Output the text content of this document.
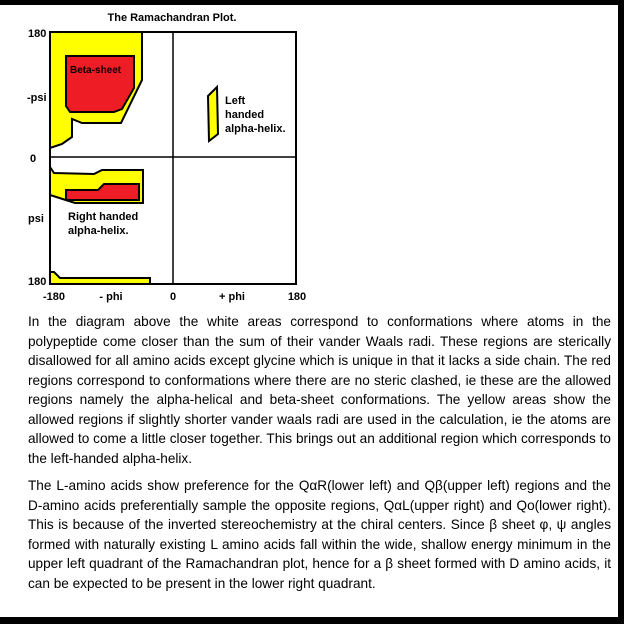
The Ramachandran Plot.
Beta-sheet
Left handed alpha-helix.
Right handed alpha-helix.
180
-psi
0
psi
180
-180	- phi	0	+ phi	180

In the diagram above the white areas correspond to conformations where atoms in the polypeptide come closer than the sum of their vander Waals radi. These regions are sterically disallowed for all amino acids except glycine which is unique in that it lacks a side chain. The red regions correspond to conformations where there are no steric clashed, ie these are the allowed regions namely the alpha-helical and beta-sheet conformations. The yellow areas show the allowed regions if slightly shorter vander waals radi are used in the calculation, ie the atoms are allowed to come a little closer together. This brings out an additional region which corresponds to the left-handed alpha-helix.

The L-amino acids show preference for the QαR(lower left) and Qβ(upper left) regions and the D-amino acids preferentially sample the opposite regions, QαL(upper right) and Qo(lower right). This is because of the inverted stereochemistry at the chiral centers. Since β sheet φ, ψ angles formed with naturally existing L amino acids fall within the wide, shallow energy minimum in the upper left quadrant of the Ramachandran plot, hence for a β sheet formed with D amino acids, it can be expected to be present in the lower right quadrant.
